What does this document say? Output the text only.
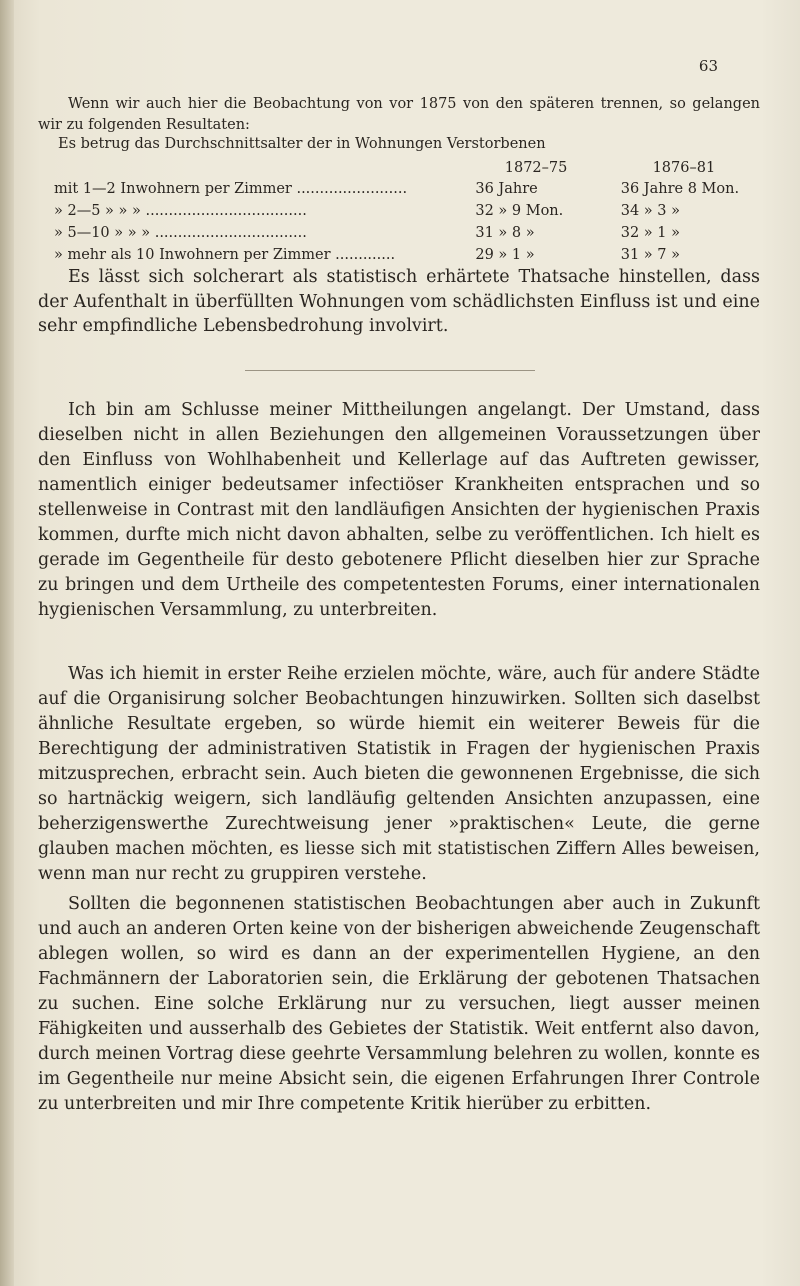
63

Wenn wir auch hier die Beobachtung von vor 1875 von den späteren trennen, so gelangen wir zu folgenden Resultaten:

Es betrug das Durchschnittsalter der in Wohnungen Verstorbenen

	1872–75	1876–81
mit 1—2 Inwohnern per Zimmer ........................	36 Jahre	36 Jahre 8 Mon.
» 2—5 » » » ...................................	32 » 9 Mon.	34 » 3 »
» 5—10 » » » .................................	31 » 8 »	32 » 1 »
» mehr als 10 Inwohnern per Zimmer .............	29 » 1 »	31 » 7 »

Es lässt sich solcherart als statistisch erhärtete Thatsache hinstellen, dass der Aufenthalt in überfüllten Wohnungen vom schädlichsten Einfluss ist und eine sehr empfindliche Lebensbedrohung involvirt.

Ich bin am Schlusse meiner Mittheilungen angelangt. Der Umstand, dass dieselben nicht in allen Beziehungen den allgemeinen Voraussetzungen über den Einfluss von Wohlhabenheit und Kellerlage auf das Auftreten gewisser, namentlich einiger bedeutsamer infectiöser Krankheiten entsprachen und so stellenweise in Contrast mit den landläufigen Ansichten der hygienischen Praxis kommen, durfte mich nicht davon abhalten, selbe zu veröffentlichen. Ich hielt es gerade im Gegentheile für desto gebotenere Pflicht dieselben hier zur Sprache zu bringen und dem Urtheile des competentesten Forums, einer internationalen hygienischen Versammlung, zu unterbreiten.

Was ich hiemit in erster Reihe erzielen möchte, wäre, auch für andere Städte auf die Organisirung solcher Beobachtungen hinzuwirken. Sollten sich daselbst ähnliche Resultate ergeben, so würde hiemit ein weiterer Beweis für die Berechtigung der administrativen Statistik in Fragen der hygienischen Praxis mitzusprechen, erbracht sein. Auch bieten die gewonnenen Ergebnisse, die sich so hartnäckig weigern, sich landläufig geltenden Ansichten anzupassen, eine beherzigenswerthe Zurechtweisung jener »praktischen« Leute, die gerne glauben machen möchten, es liesse sich mit statistischen Ziffern Alles beweisen, wenn man nur recht zu gruppiren verstehe.

Sollten die begonnenen statistischen Beobachtungen aber auch in Zukunft und auch an anderen Orten keine von der bisherigen abweichende Zeugenschaft ablegen wollen, so wird es dann an der experimentellen Hygiene, an den Fachmännern der Laboratorien sein, die Erklärung der gebotenen Thatsachen zu suchen. Eine solche Erklärung nur zu versuchen, liegt ausser meinen Fähigkeiten und ausserhalb des Gebietes der Statistik. Weit entfernt also davon, durch meinen Vortrag diese geehrte Versammlung belehren zu wollen, konnte es im Gegentheile nur meine Absicht sein, die eigenen Erfahrungen Ihrer Controle zu unterbreiten und mir Ihre competente Kritik hierüber zu erbitten.
